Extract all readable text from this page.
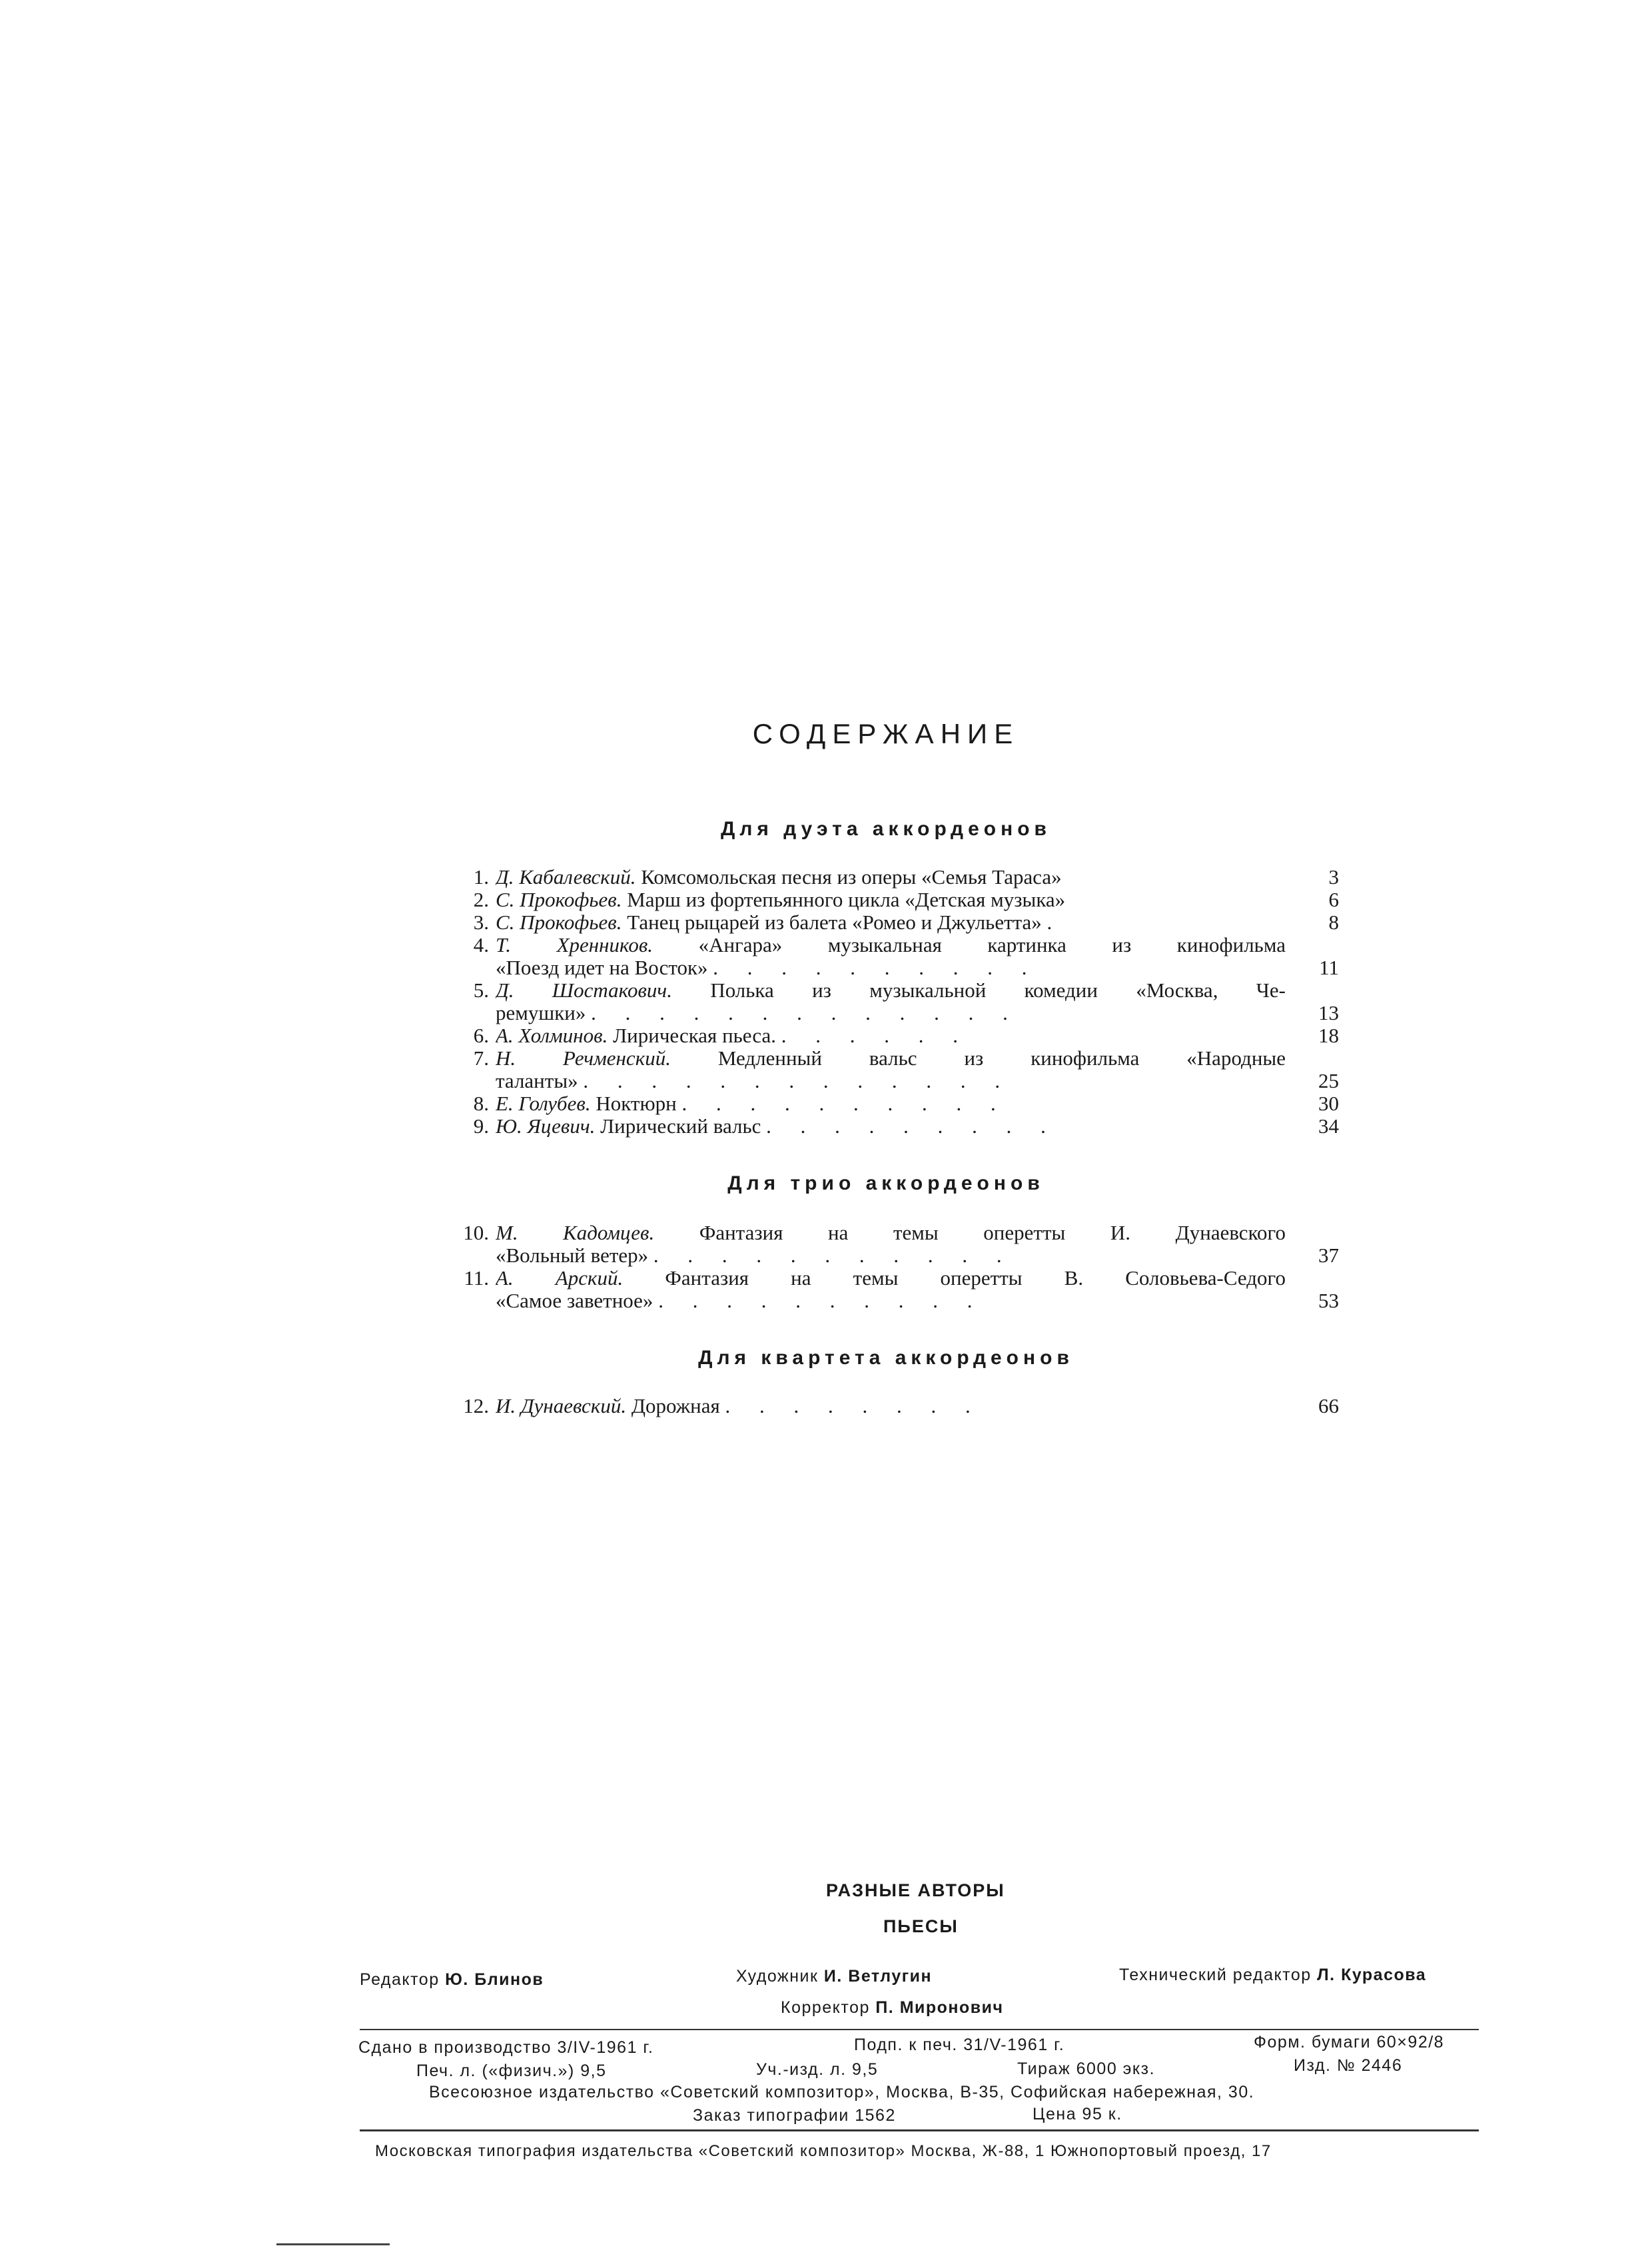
СОДЕРЖАНИЕ
Для дуэта аккордеонов
1. Д. Кабалевский. Комсомольская песня из оперы «Семья Тараса»	3
2. С. Прокофьев. Марш из фортепьянного цикла «Детская музыка»	6
3. С. Прокофьев. Танец рыцарей из балета «Ромео и Джульетта» .	8
4. Т. Хренников. «Ангара» музыкальная картинка из кинофильма
«Поезд идет на Восток» . . . . . . . . . .	11
5. Д. Шостакович. Полька из музыкальной комедии «Москва, Че-
ремушки» . . . . . . . . . . . . .	13
6. А. Холминов. Лирическая пьеса. . . . . . .	18
7. Н. Речменский. Медленный вальс из кинофильма «Народные
таланты» . . . . . . . . . . . . .	25
8. Е. Голубев. Ноктюрн . . . . . . . . . .	30
9. Ю. Яцевич. Лирический вальс . . . . . . . . .	34
Для трио аккордеонов
10. М. Кадомцев. Фантазия на темы оперетты И. Дунаевского
«Вольный ветер» . . . . . . . . . . .	37
11. А. Арский. Фантазия на темы оперетты В. Соловьева-Седого
«Самое заветное» . . . . . . . . . .	53
Для квартета аккордеонов
12. И. Дунаевский. Дорожная . . . . . . . .	66
РАЗНЫЕ АВТОРЫ
ПЬЕСЫ
Редактор Ю. Блинов	Художник И. Ветлугин	Технический редактор Л. Курасова
Корректор П. Миронович
Сдано в производство 3/IV-1961 г.	Подп. к печ. 31/V-1961 г.	Форм. бумаги 60×92/8
Печ. л. («физич.») 9,5	Уч.-изд. л. 9,5	Тираж 6000 экз.	Изд. № 2446
Всесоюзное издательство «Советский композитор», Москва, В-35, Софийская набережная, 30.
Заказ типографии 1562	Цена 95 к.
Московская типография издательства «Советский композитор» Москва, Ж-88, 1 Южнопортовый проезд, 17
